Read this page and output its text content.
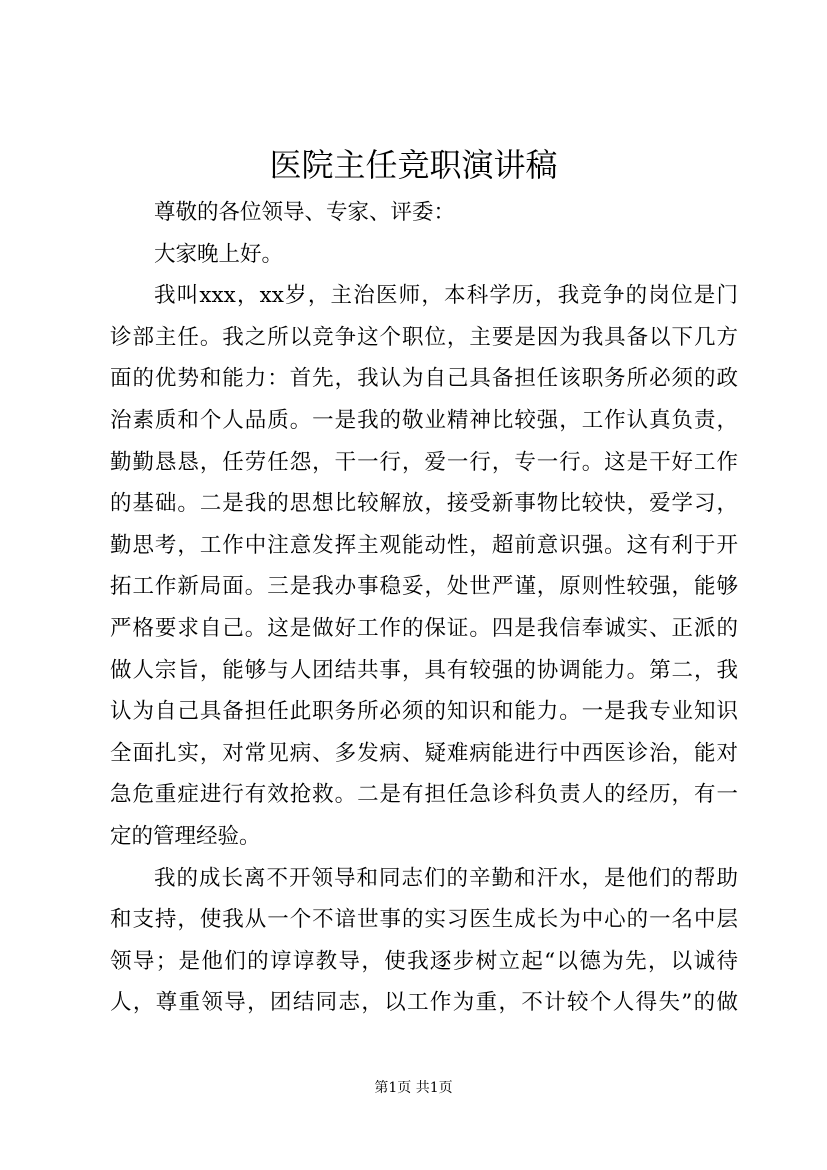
医院主任竞职演讲稿
尊敬的各位领导、专家、评委：
大家晚上好。
我叫xxx，xx岁，主治医师，本科学历，我竞争的岗位是门
诊部主任。我之所以竞争这个职位，主要是因为我具备以下几方
面的优势和能力：首先，我认为自己具备担任该职务所必须的政
治素质和个人品质。一是我的敬业精神比较强，工作认真负责，
勤勤恳恳，任劳任怨，干一行，爱一行，专一行。这是干好工作
的基础。二是我的思想比较解放，接受新事物比较快，爱学习，
勤思考，工作中注意发挥主观能动性，超前意识强。这有利于开
拓工作新局面。三是我办事稳妥，处世严谨，原则性较强，能够
严格要求自己。这是做好工作的保证。四是我信奉诚实、正派的
做人宗旨，能够与人团结共事，具有较强的协调能力。第二，我
认为自己具备担任此职务所必须的知识和能力。一是我专业知识
全面扎实，对常见病、多发病、疑难病能进行中西医诊治，能对
急危重症进行有效抢救。二是有担任急诊科负责人的经历，有一
定的管理经验。
我的成长离不开领导和同志们的辛勤和汗水，是他们的帮助
和支持，使我从一个不谙世事的实习医生成长为中心的一名中层
领导；是他们的谆谆教导，使我逐步树立起“以德为先，以诚待
人，尊重领导，团结同志，以工作为重，不计较个人得失”的做
第1页 共1页
